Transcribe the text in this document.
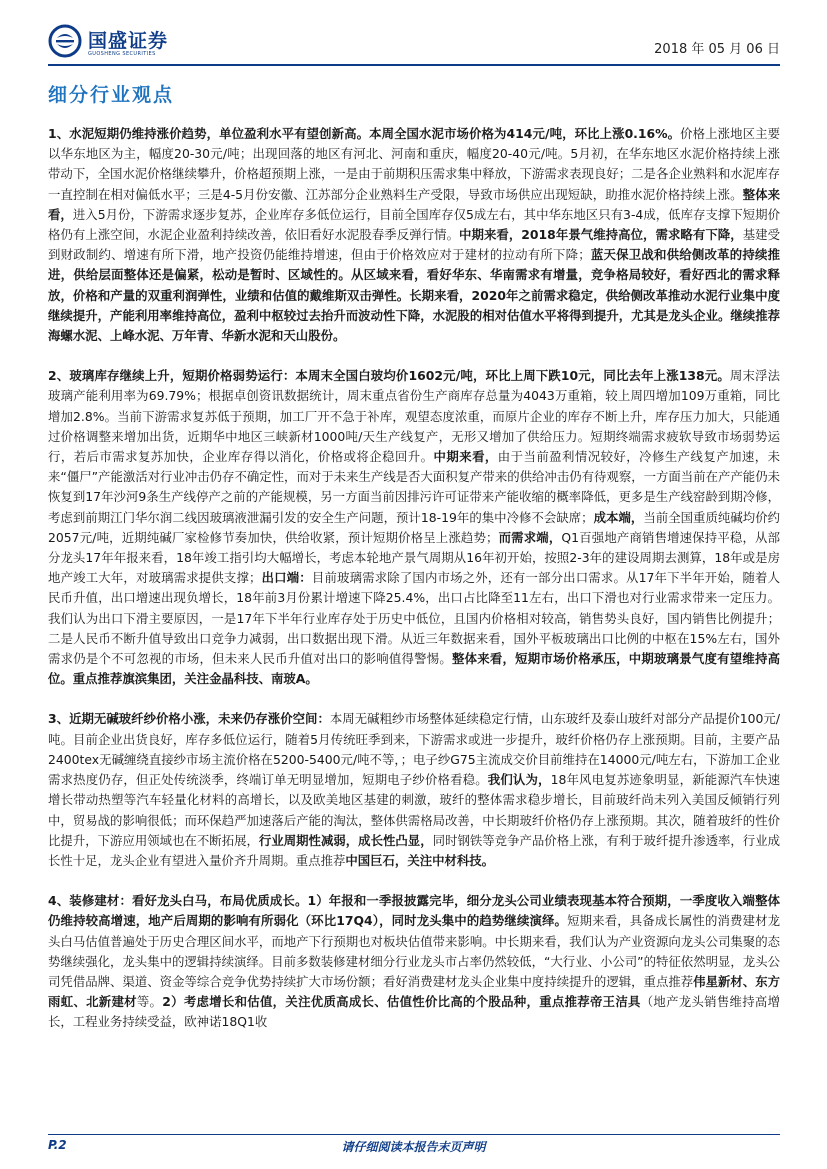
国盛证券
GUOSHENG SECURITIES	2018 年 05 月 06 日
细分行业观点

1、水泥短期仍维持涨价趋势，单位盈利水平有望创新高。本周全国水泥市场价格为414元/吨，环比上涨0.16%。价格上涨地区主要以华东地区为主，幅度20-30元/吨；出现回落的地区有河北、河南和重庆，幅度20-40元/吨。5月初，在华东地区水泥价格持续上涨带动下，全国水泥价格继续攀升，价格超预期上涨，一是由于前期积压需求集中释放，下游需求表现良好；二是各企业熟料和水泥库存一直控制在相对偏低水平；三是4-5月份安徽、江苏部分企业熟料生产受限，导致市场供应出现短缺，助推水泥价格持续上涨。整体来看，进入5月份，下游需求逐步复苏，企业库存多低位运行，目前全国库存仅5成左右，其中华东地区只有3-4成，低库存支撑下短期价格仍有上涨空间，水泥企业盈利持续改善，依旧看好水泥股春季反弹行情。中期来看，2018年景气维持高位，需求略有下降，基建受到财政制约、增速有所下滑，地产投资仍能维持增速，但由于价格效应对于建材的拉动有所下降；蓝天保卫战和供给侧改革的持续推进，供给层面整体还是偏紧，松动是暂时、区域性的。从区域来看，看好华东、华南需求有增量，竞争格局较好，看好西北的需求释放，价格和产量的双重利润弹性，业绩和估值的戴维斯双击弹性。长期来看，2020年之前需求稳定，供给侧改革推动水泥行业集中度继续提升，产能利用率维持高位，盈利中枢较过去抬升而波动性下降，水泥股的相对估值水平将得到提升，尤其是龙头企业。继续推荐海螺水泥、上峰水泥、万年青、华新水泥和天山股份。

2、玻璃库存继续上升，短期价格弱势运行：本周末全国白玻均价1602元/吨，环比上周下跌10元，同比去年上涨138元。周末浮法玻璃产能利用率为69.79%；根据卓创资讯数据统计，周末重点省份生产商库存总量为4043万重箱，较上周四增加109万重箱，同比增加2.8%。当前下游需求复苏低于预期，加工厂开不急于补库，观望态度浓重，而原片企业的库存不断上升，库存压力加大，只能通过价格调整来增加出货，近期华中地区三峡新材1000吨/天生产线复产，无形又增加了供给压力。短期终端需求疲软导致市场弱势运行，若后市需求复苏加快，企业库存得以消化，价格或将企稳回升。中期来看，由于当前盈利情况较好，冷修生产线复产加速，未来“僵尸”产能激活对行业冲击仍存不确定性，而对于未来生产线是否大面积复产带来的供给冲击仍有待观察，一方面当前在产产能仍未恢复到17年沙河9条生产线停产之前的产能规模，另一方面当前因排污许可证带来产能收缩的概率降低，更多是生产线窑龄到期冷修，考虑到前期江门华尔润二线因玻璃液泄漏引发的安全生产问题，预计18-19年的集中冷修不会缺席；成本端，当前全国重质纯碱均价约2057元/吨，近期纯碱厂家检修节奏加快，供给收紧，预计短期价格呈上涨趋势；而需求端，Q1百强地产商销售增速保持平稳，从部分龙头17年年报来看，18年竣工指引均大幅增长，考虑本轮地产景气周期从16年初开始，按照2-3年的建设周期去测算，18年或是房地产竣工大年，对玻璃需求提供支撑；出口端：目前玻璃需求除了国内市场之外，还有一部分出口需求。从17年下半年开始，随着人民币升值，出口增速出现负增长，18年前3月份累计增速下降25.4%，出口占比降至11左右，出口下滑也对行业需求带来一定压力。我们认为出口下滑主要原因，一是17年下半年行业库存处于历史中低位，且国内价格相对较高，销售势头良好，国内销售比例提升；二是人民币不断升值导致出口竞争力减弱，出口数据出现下滑。从近三年数据来看，国外平板玻璃出口比例的中枢在15%左右，国外需求仍是个不可忽视的市场，但未来人民币升值对出口的影响值得警惕。整体来看，短期市场价格承压，中期玻璃景气度有望维持高位。重点推荐旗滨集团，关注金晶科技、南玻A。

3、近期无碱玻纤纱价格小涨，未来仍存涨价空间：本周无碱粗纱市场整体延续稳定行情，山东玻纤及泰山玻纤对部分产品提价100元/吨。目前企业出货良好，库存多低位运行，随着5月传统旺季到来，下游需求或进一步提升，玻纤价格仍存上涨预期。目前，主要产品2400tex无碱缠绕直接纱市场主流价格在5200-5400元/吨不等，；电子纱G75主流成交价目前维持在14000元/吨左右，下游加工企业需求热度仍存，但正处传统淡季，终端订单无明显增加，短期电子纱价格看稳。我们认为，18年风电复苏迹象明显，新能源汽车快速增长带动热塑等汽车轻量化材料的高增长，以及欧美地区基建的刺激，玻纤的整体需求稳步增长，目前玻纤尚未列入美国反倾销行列中，贸易战的影响很低；而环保趋严加速落后产能的淘汰，整体供需格局改善，中长期玻纤价格仍存上涨预期。其次，随着玻纤的性价比提升，下游应用领域也在不断拓展，行业周期性减弱，成长性凸显，同时钢铁等竞争产品价格上涨，有利于玻纤提升渗透率，行业成长性十足，龙头企业有望进入量价齐升周期。重点推荐中国巨石，关注中材科技。

4、装修建材：看好龙头白马，布局优质成长。1）年报和一季报披露完毕，细分龙头公司业绩表现基本符合预期，一季度收入端整体仍维持较高增速，地产后周期的影响有所弱化（环比17Q4），同时龙头集中的趋势继续演绎。短期来看，具备成长属性的消费建材龙头白马估值普遍处于历史合理区间水平，而地产下行预期也对板块估值带来影响。中长期来看，我们认为产业资源向龙头公司集聚的态势继续强化，龙头集中的逻辑持续演绎。目前多数装修建材细分行业龙头市占率仍然较低，“大行业、小公司”的特征依然明显，龙头公司凭借品牌、渠道、资金等综合竞争优势持续扩大市场份额；看好消费建材龙头企业集中度持续提升的逻辑，重点推荐伟星新材、东方雨虹、北新建材等。2）考虑增长和估值，关注优质高成长、估值性价比高的个股品种，重点推荐帝王洁具（地产龙头销售维持高增长，工程业务持续受益，欧神诺18Q1收

P.2	请仔细阅读本报告末页声明
